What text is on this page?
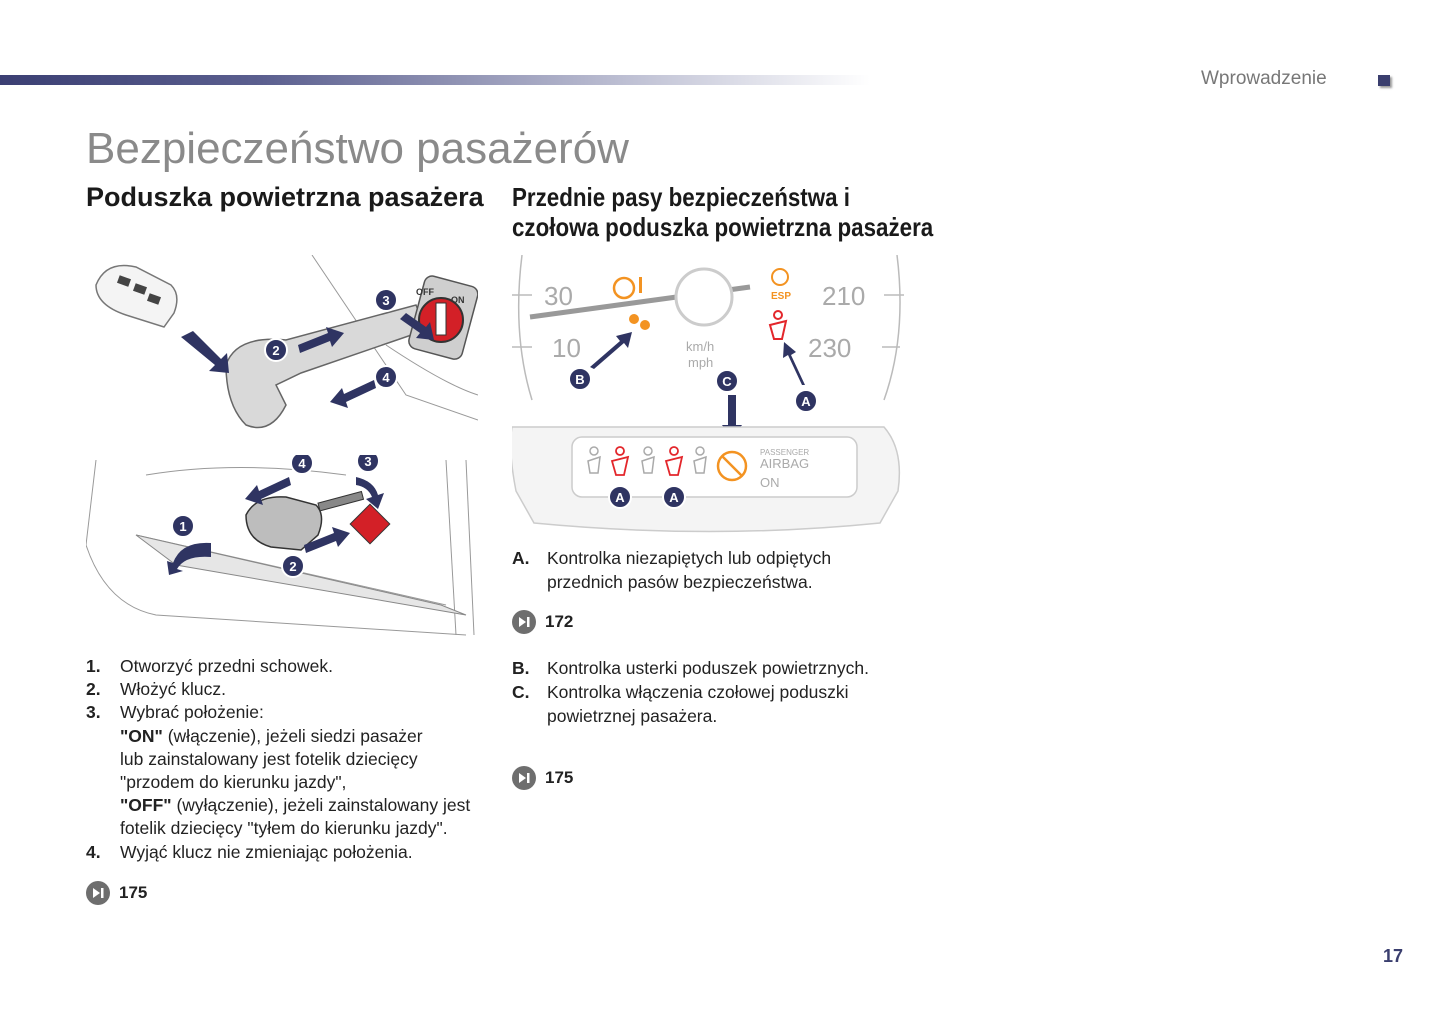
Wprowadzenie
Bezpieczeństwo pasażerów
Poduszka powietrzna pasażera Przednie pasy bezpieczeństwa i
czołowa poduszka powietrzna pasażera
OFF
ON
2
3
4
1
1
2
3
4
30
10
210
230
km/h
mph
ESP
B	C
A
PASSENGER
AIRBAG
ON
A	A
1.	Otworzyć przedni schowek.
2.	Włożyć klucz.
3.	Wybrać położenie:
"ON" (włączenie), jeżeli siedzi pasażer
lub zainstalowany jest fotelik dziecięcy
"przodem do kierunku jazdy",
"OFF" (wyłączenie), jeżeli zainstalowany jest
fotelik dziecięcy "tyłem do kierunku jazdy".
4.	Wyjąć klucz nie zmieniając położenia.
175
A.	Kontrolka niezapiętych lub odpiętych przednich pasów bezpieczeństwa.
172
B.	Kontrolka usterki poduszek powietrznych.
C.	Kontrolka włączenia czołowej poduszki powietrznej pasażera.
175
17
